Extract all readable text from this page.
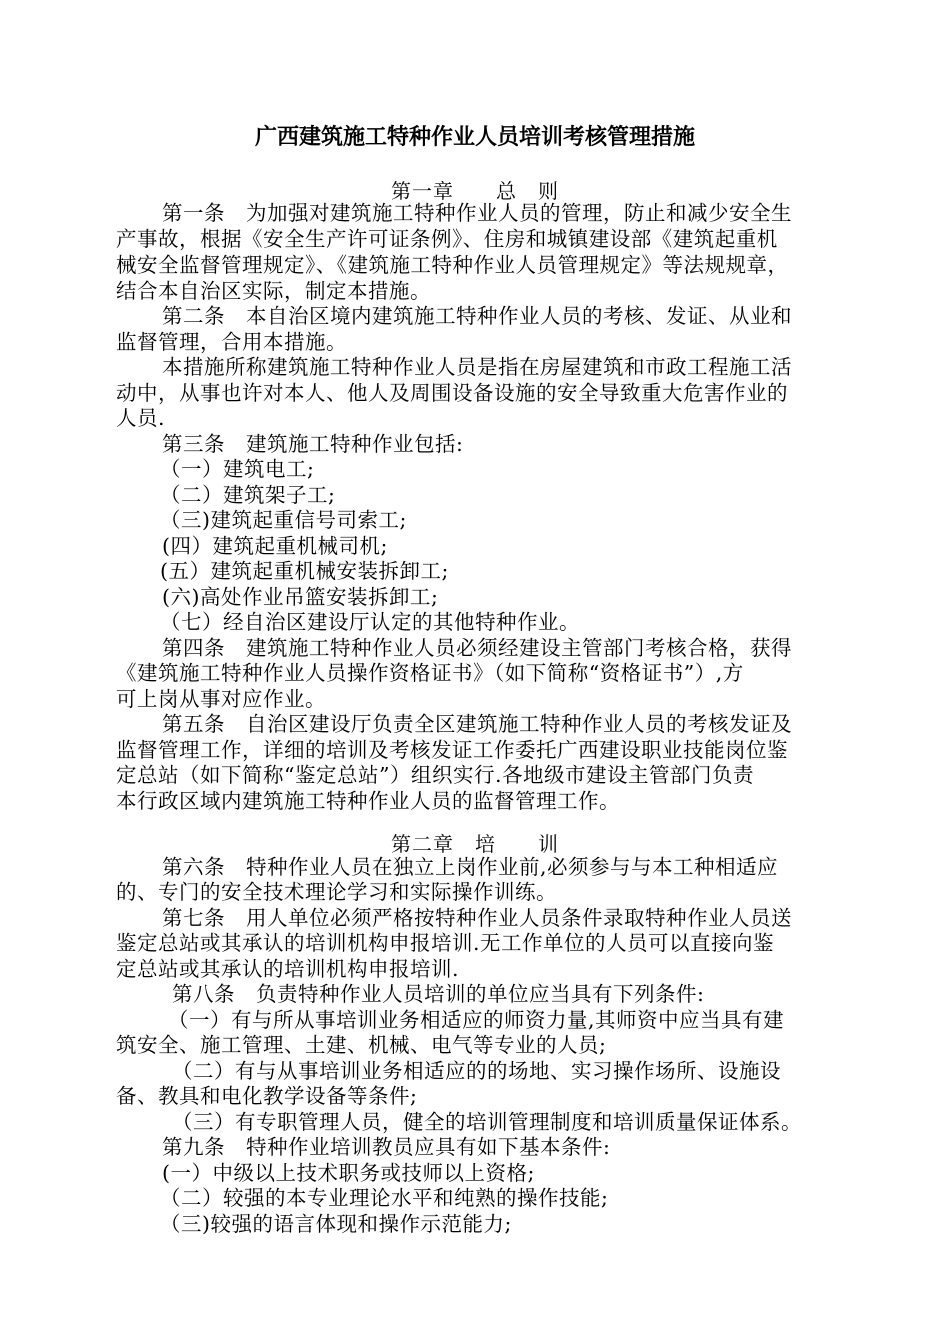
广西建筑施工特种作业人员培训考核管理措施
第一章　　总　则
第一条　为加强对建筑施工特种作业人员的管理，防止和减少安全生
产事故，根据《安全生产许可证条例》、住房和城镇建设部《建筑起重机
械安全监督管理规定》、《建筑施工特种作业人员管理规定》等法规规章，
结合本自治区实际，制定本措施。
第二条　本自治区境内建筑施工特种作业人员的考核、发证、从业和
监督管理，合用本措施。
本措施所称建筑施工特种作业人员是指在房屋建筑和市政工程施工活
动中，从事也许对本人、他人及周围设备设施的安全导致重大危害作业的
人员.
第三条　建筑施工特种作业包括:
（一）建筑电工;
（二）建筑架子工;
（三)建筑起重信号司索工;
(四）建筑起重机械司机;
(五）建筑起重机械安装拆卸工;
(六)高处作业吊篮安装拆卸工;
（七）经自治区建设厅认定的其他特种作业。
第四条　建筑施工特种作业人员必须经建设主管部门考核合格，获得
《建筑施工特种作业人员操作资格证书》（如下简称“资格证书”）,方
可上岗从事对应作业。
第五条　自治区建设厅负责全区建筑施工特种作业人员的考核发证及
监督管理工作，详细的培训及考核发证工作委托广西建设职业技能岗位鉴
定总站（如下简称“鉴定总站”）组织实行.各地级市建设主管部门负责
本行政区域内建筑施工特种作业人员的监督管理工作。
第二章　培　　训
第六条　特种作业人员在独立上岗作业前,必须参与与本工种相适应
的、专门的安全技术理论学习和实际操作训练。
第七条　用人单位必须严格按特种作业人员条件录取特种作业人员送
鉴定总站或其承认的培训机构申报培训.无工作单位的人员可以直接向鉴
定总站或其承认的培训机构申报培训.
第八条　负责特种作业人员培训的单位应当具有下列条件:
（一）有与所从事培训业务相适应的师资力量,其师资中应当具有建
筑安全、施工管理、土建、机械、电气等专业的人员;
（二）有与从事培训业务相适应的的场地、实习操作场所、设施设
备、教具和电化教学设备等条件;
（三）有专职管理人员，健全的培训管理制度和培训质量保证体系。
第九条　特种作业培训教员应具有如下基本条件:
(一）中级以上技术职务或技师以上资格;
（二）较强的本专业理论水平和纯熟的操作技能;
（三)较强的语言体现和操作示范能力;
